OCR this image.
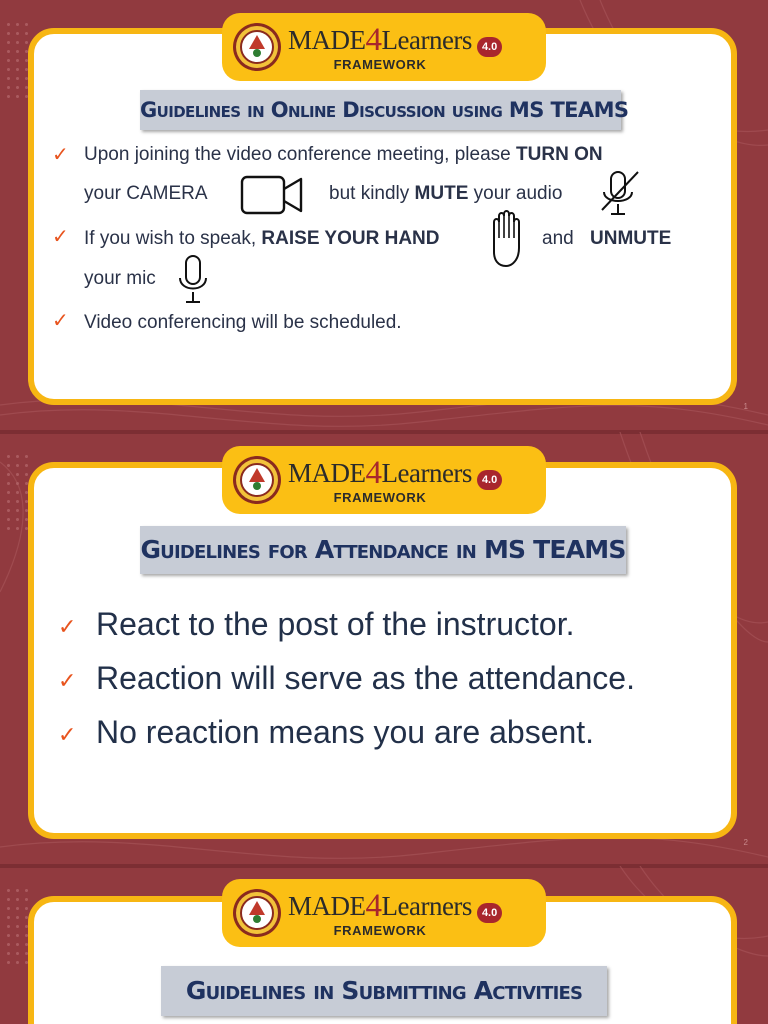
MADE 4 Learners
FRAMEWORK
4.0
Guidelines in Online Discussion using MS TEAMS
✓ Upon joining the video conference meeting, please TURN ON
your CAMERA	but kindly MUTE your audio
✓ If you wish to speak, RAISE YOUR HAND	and UNMUTE
your mic
✓ Video conferencing will be scheduled.
1
MADE 4 Learners
FRAMEWORK
4.0
Guidelines for Attendance in MS TEAMS
✓ React to the post of the instructor.
✓ Reaction will serve as the attendance.
✓ No reaction means you are absent.
2
MADE 4 Learners
FRAMEWORK
4.0
Guidelines in Submitting Activities
